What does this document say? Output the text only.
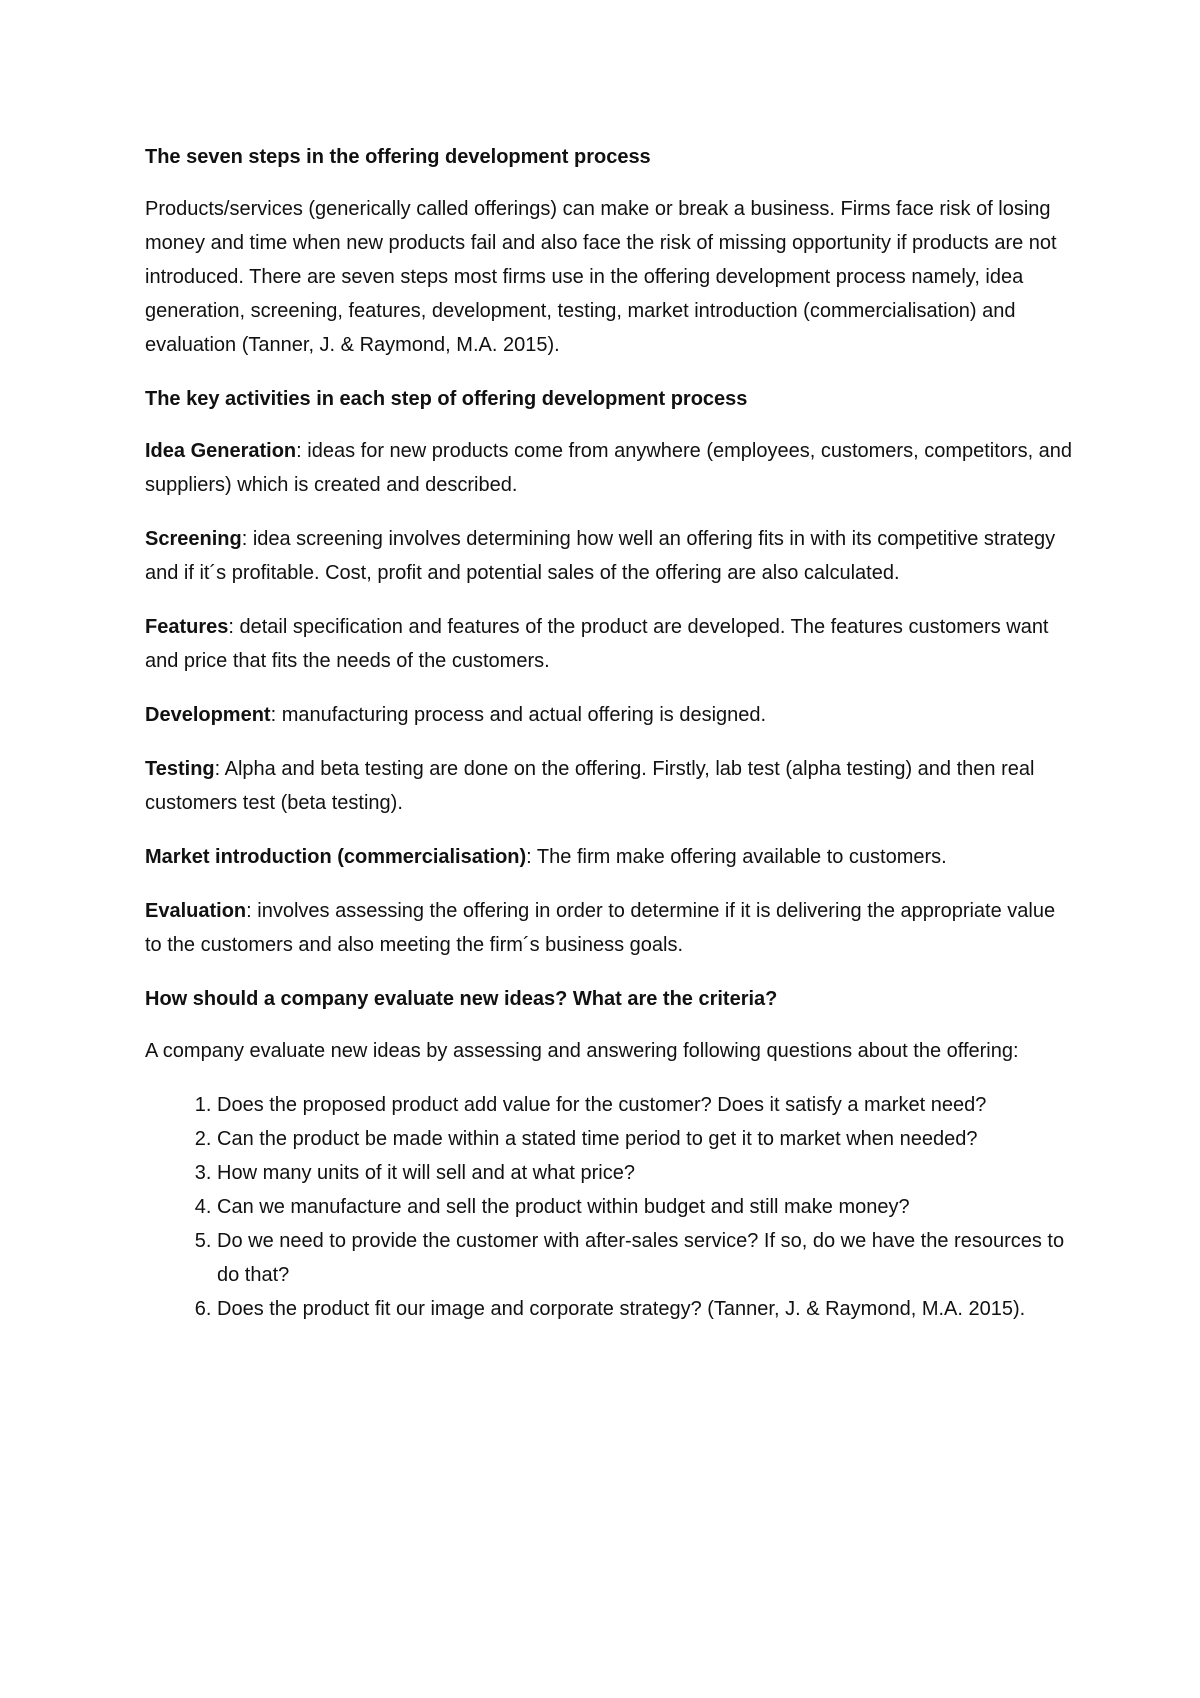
The seven steps in the offering development process

Products/services (generically called offerings) can make or break a business. Firms face risk of losing money and time when new products fail and also face the risk of missing opportunity if products are not introduced. There are seven steps most firms use in the offering development process namely, idea generation, screening, features, development, testing, market introduction (commercialisation) and evaluation (Tanner, J. & Raymond, M.A. 2015).

The key activities in each step of offering development process

Idea Generation: ideas for new products come from anywhere (employees, customers, competitors, and suppliers) which is created and described.

Screening: idea screening involves determining how well an offering fits in with its competitive strategy and if it´s profitable. Cost, profit and potential sales of the offering are also calculated.

Features: detail specification and features of the product are developed. The features customers want and price that fits the needs of the customers.

Development: manufacturing process and actual offering is designed.

Testing: Alpha and beta testing are done on the offering. Firstly, lab test (alpha testing) and then real customers test (beta testing).

Market introduction (commercialisation): The firm make offering available to customers.

Evaluation: involves assessing the offering in order to determine if it is delivering the appropriate value to the customers and also meeting the firm´s business goals.

How should a company evaluate new ideas? What are the criteria?

A company evaluate new ideas by assessing and answering following questions about the offering:

1. Does the proposed product add value for the customer? Does it satisfy a market need?
2. Can the product be made within a stated time period to get it to market when needed?
3. How many units of it will sell and at what price?
4. Can we manufacture and sell the product within budget and still make money?
5. Do we need to provide the customer with after-sales service? If so, do we have the resources to do that?
6. Does the product fit our image and corporate strategy? (Tanner, J. & Raymond, M.A. 2015).
